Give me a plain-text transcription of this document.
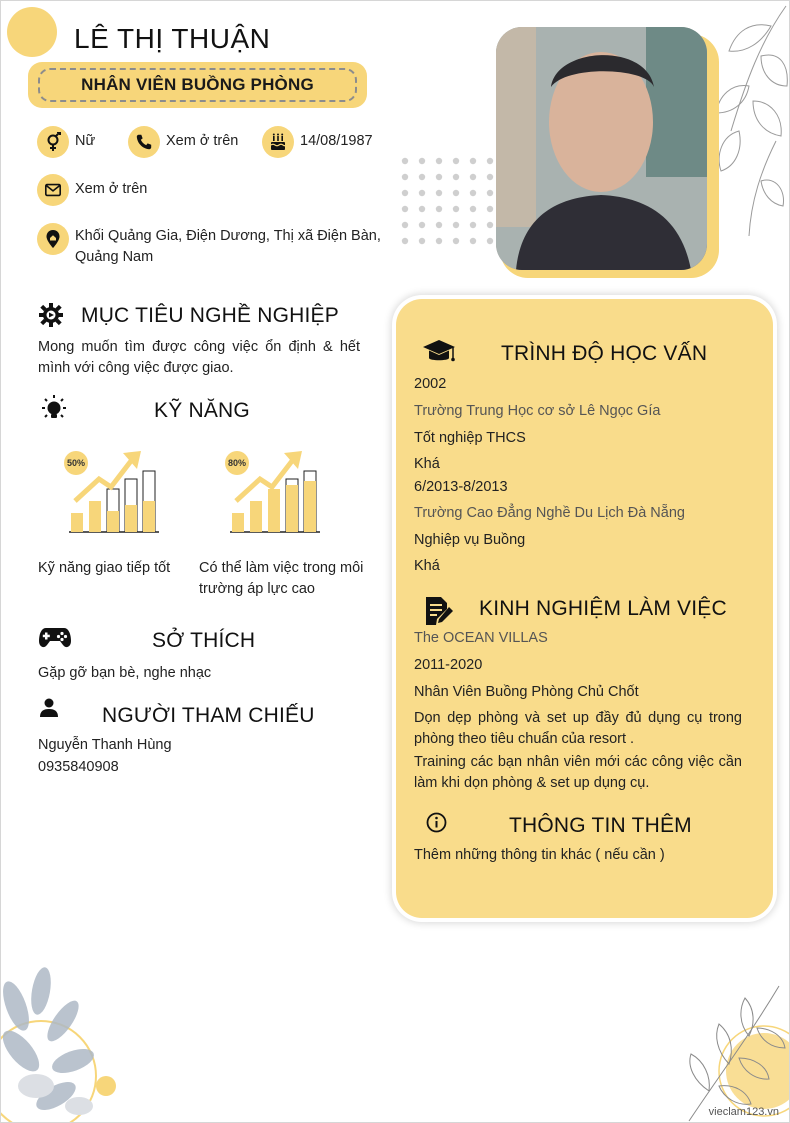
LÊ THỊ THUẬN
NHÂN VIÊN BUỒNG PHÒNG
Nữ	Xem ở trên	14/08/1987
Xem ở trên
Khối Quảng Gia, Điện Dương, Thị xã Điện Bàn,
Quảng Nam
MỤC TIÊU NGHỀ NGHIỆP
Mong muốn tìm được công việc ổn định & hết mình với công việc được giao.
KỸ NĂNG
50%
Kỹ năng giao tiếp tốt
80%
Có thể làm việc trong môi trường áp lực cao
SỞ THÍCH
Gặp gỡ bạn bè, nghe nhạc
NGƯỜI THAM CHIẾU
Nguyễn Thanh Hùng
0935840908
TRÌNH ĐỘ HỌC VẤN
2002
Trường Trung Học cơ sở Lê Ngọc Gía
Tốt nghiệp THCS
Khá
6/2013-8/2013
Trường Cao Đẳng Nghề Du Lịch Đà Nẵng
Nghiệp vụ Buồng
Khá
KINH NGHIỆM LÀM VIỆC
The OCEAN VILLAS
2011-2020
Nhân Viên Buồng Phòng Chủ Chốt
Dọn dẹp phòng và set up đầy đủ dụng cụ trong phòng theo tiêu chuẩn của resort .
Training các bạn nhân viên mới các công việc cần làm khi dọn phòng & set up dụng cụ.
THÔNG TIN THÊM
Thêm những thông tin khác ( nếu cần )
vieclam123.vn
